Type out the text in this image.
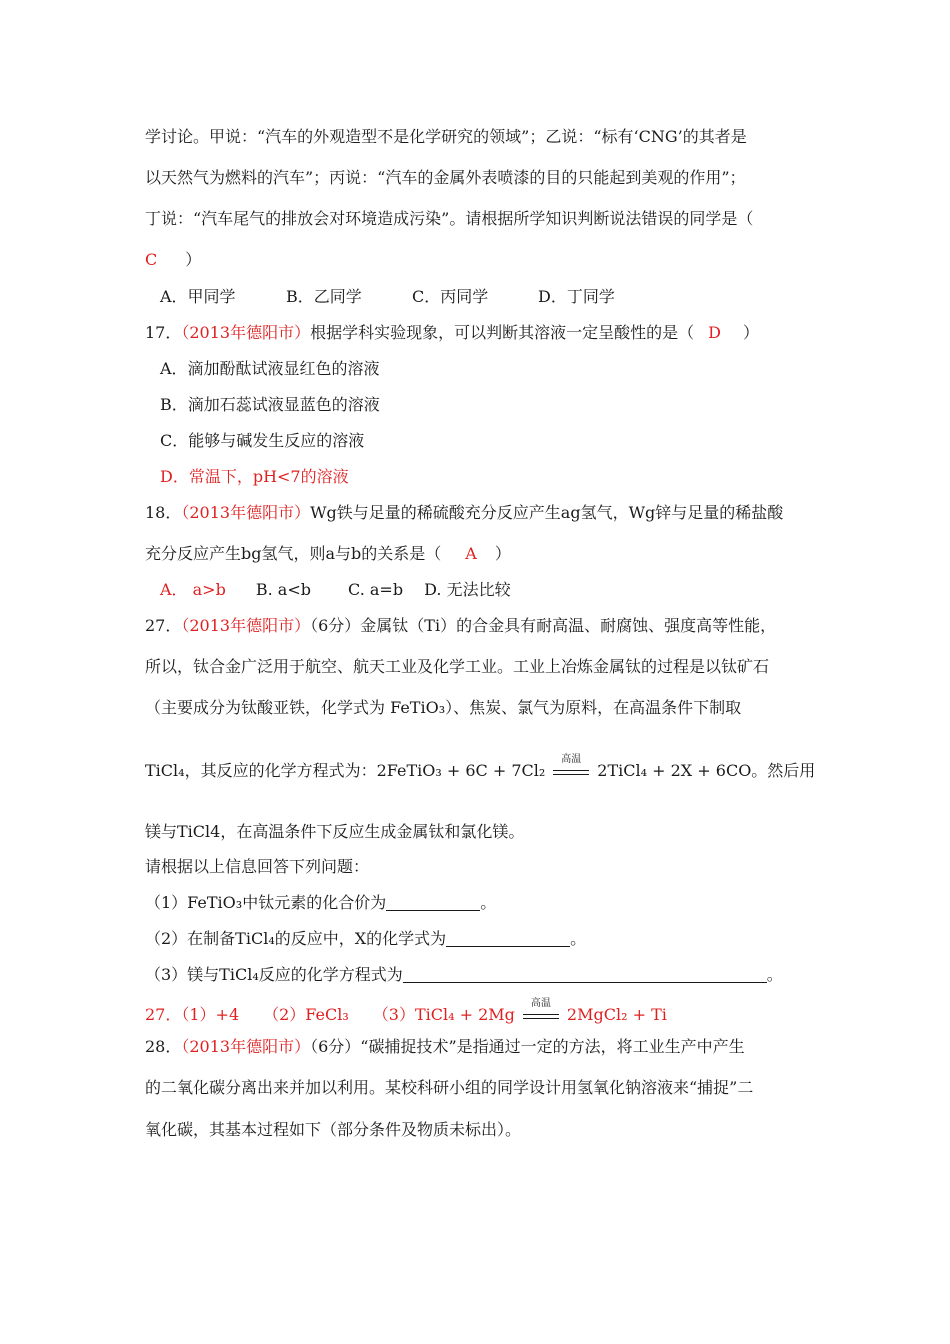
学讨论。甲说：“汽车的外观造型不是化学研究的领域”；乙说：“标有‘CNG’的其者是
以天然气为燃料的汽车”；丙说：“汽车的金属外表喷漆的目的只能起到美观的作用”；
丁说：“汽车尾气的排放会对环境造成污染”。请根据所学知识判断说法错误的同学是（
C ）
A．甲同学	B．乙同学	C．丙同学	D．丁同学
17．（2013年德阳市）根据学科实验现象，可以判断其溶液一定呈酸性的是（ D ）
A．滴加酚酞试液显红色的溶液
B．滴加石蕊试液显蓝色的溶液
C．能够与碱发生反应的溶液
D．常温下，pH<7的溶液
18．（2013年德阳市）Wg铁与足量的稀硫酸充分反应产生ag氢气，Wg锌与足量的稀盐酸
充分反应产生bg氢气，则a与b的关系是（ A ）
A． a>b B. a<b　　 C. a=b　 D. 无法比较
27．（2013年德阳市）（6分）金属钛（Ti）的合金具有耐高温、耐腐蚀、强度高等性能，
所以，钛合金广泛用于航空、航天工业及化学工业。工业上冶炼金属钛的过程是以钛矿石
（主要成分为钛酸亚铁，化学式为 FeTiO₃）、焦炭、氯气为原料，在高温条件下制取
TiCl₄，其反应的化学方程式为：2FeTiO₃ + 6C + 7Cl₂
高温
2TiCl₄ + 2X + 6CO。然后用
镁与TiCl4，在高温条件下反应生成金属钛和氯化镁。
请根据以上信息回答下列问题：
（1）FeTiO₃中钛元素的化合价为	。
（2）在制备TiCl₄的反应中，X的化学式为	。
（3）镁与TiCl₄反应的化学方程式为	。
27．（1）+4　　（2）FeCl₃　　（3）TiCl₄ + 2Mg
高温
2MgCl₂ + Ti
28．（2013年德阳市）（6分）“碳捕捉技术”是指通过一定的方法，将工业生产中产生
的二氧化碳分离出来并加以利用。某校科研小组的同学设计用氢氧化钠溶液来“捕捉”二
氧化碳，其基本过程如下（部分条件及物质未标出）。
